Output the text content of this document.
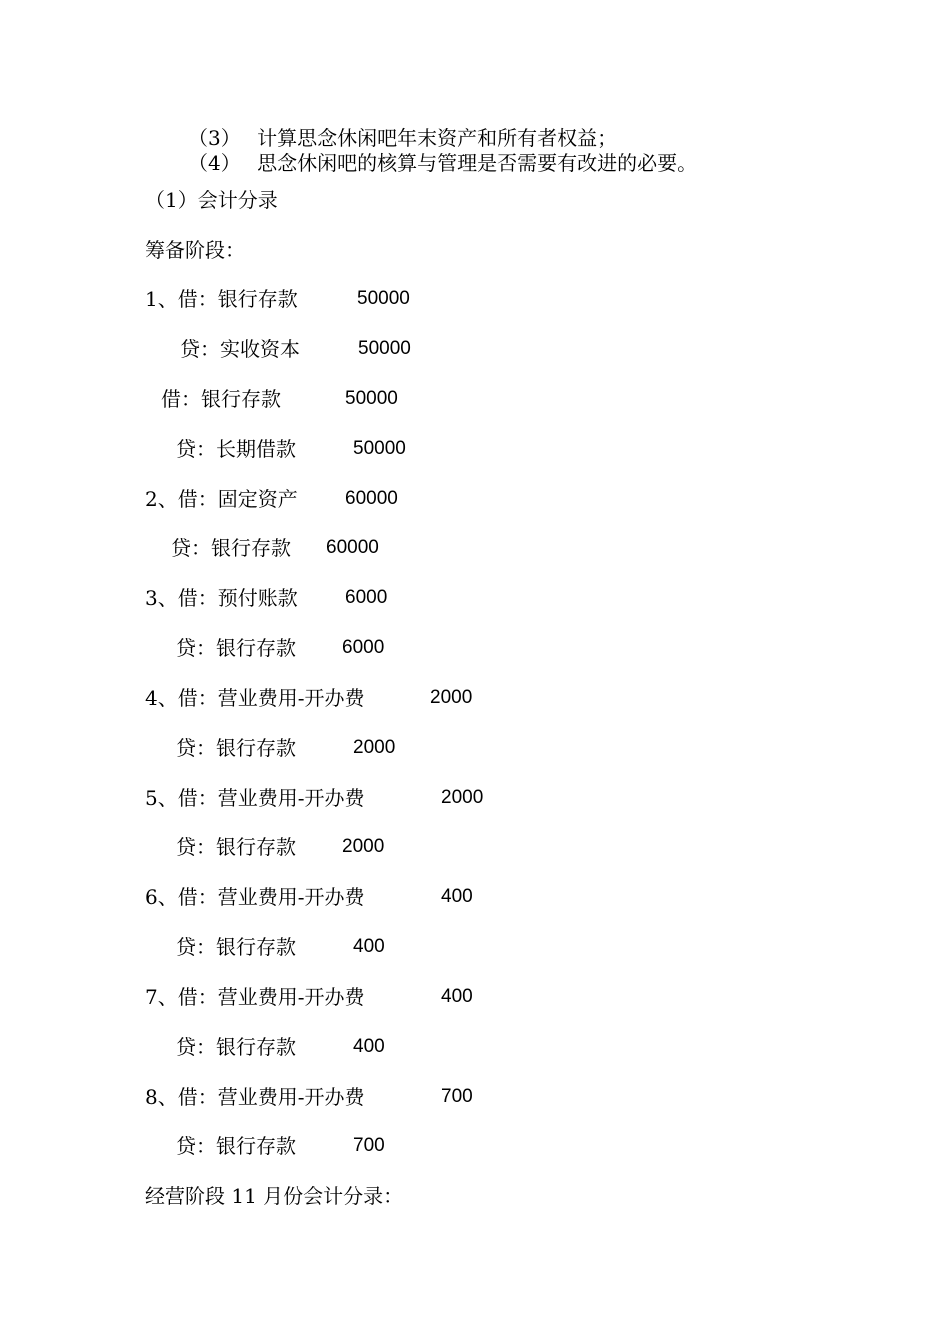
（3） 计算思念休闲吧年末资产和所有者权益；
（4） 思念休闲吧的核算与管理是否需要有改进的必要。
（1）会计分录
筹备阶段：
1、借：银行存款	50000
贷：实收资本	50000
借：银行存款	50000
贷：长期借款	50000
2、借：固定资产 60000
贷：银行存款 60000
3、借：预付账款 6000
贷：银行存款 6000
4、借：营业费用-开办费	2000
贷：银行存款	2000
5、借：营业费用-开办费	2000
贷：银行存款 2000
6、借：营业费用-开办费	400
贷：银行存款	400
7、借：营业费用-开办费	400
贷：银行存款	400
8、借：营业费用-开办费	700
贷：银行存款	700
经营阶段 11 月份会计分录：
